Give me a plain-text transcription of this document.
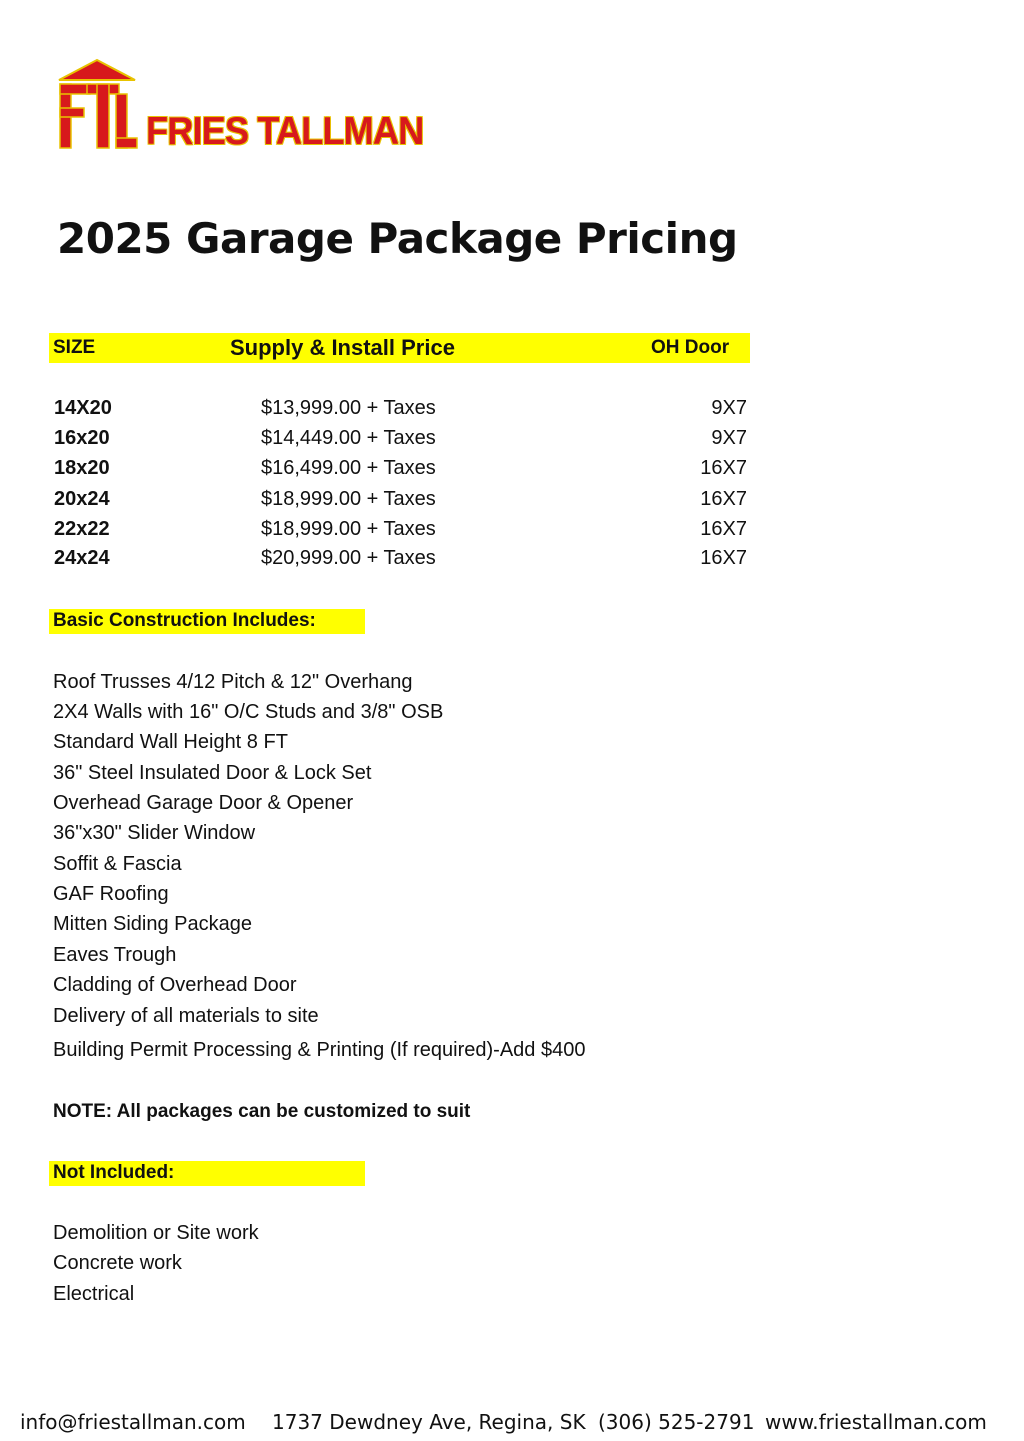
FRIES TALLMAN
2025 Garage Package Pricing
SIZE	Supply & Install Price	OH Door
14X20	$13,999.00 + Taxes	9X7
16x20	$14,449.00 + Taxes	9X7
18x20	$16,499.00 + Taxes	16X7
20x24	$18,999.00 + Taxes	16X7
22x22	$18,999.00 + Taxes	16X7
24x24	$20,999.00 + Taxes	16X7
Basic Construction Includes:
Roof Trusses 4/12 Pitch & 12" Overhang
2X4 Walls with 16" O/C Studs and 3/8" OSB
Standard Wall Height 8 FT
36" Steel Insulated Door & Lock Set
Overhead Garage Door & Opener
36"x30" Slider Window
Soffit & Fascia
GAF Roofing
Mitten Siding Package
Eaves Trough
Cladding of Overhead Door
Delivery of all materials to site
Building Permit Processing & Printing (If required)-Add $400
NOTE: All packages can be customized to suit
Not Included:
Demolition or Site work
Concrete work
Electrical
info@friestallman.com 1737 Dewdney Ave, Regina, SK (306) 525-2791 www.friestallman.com
